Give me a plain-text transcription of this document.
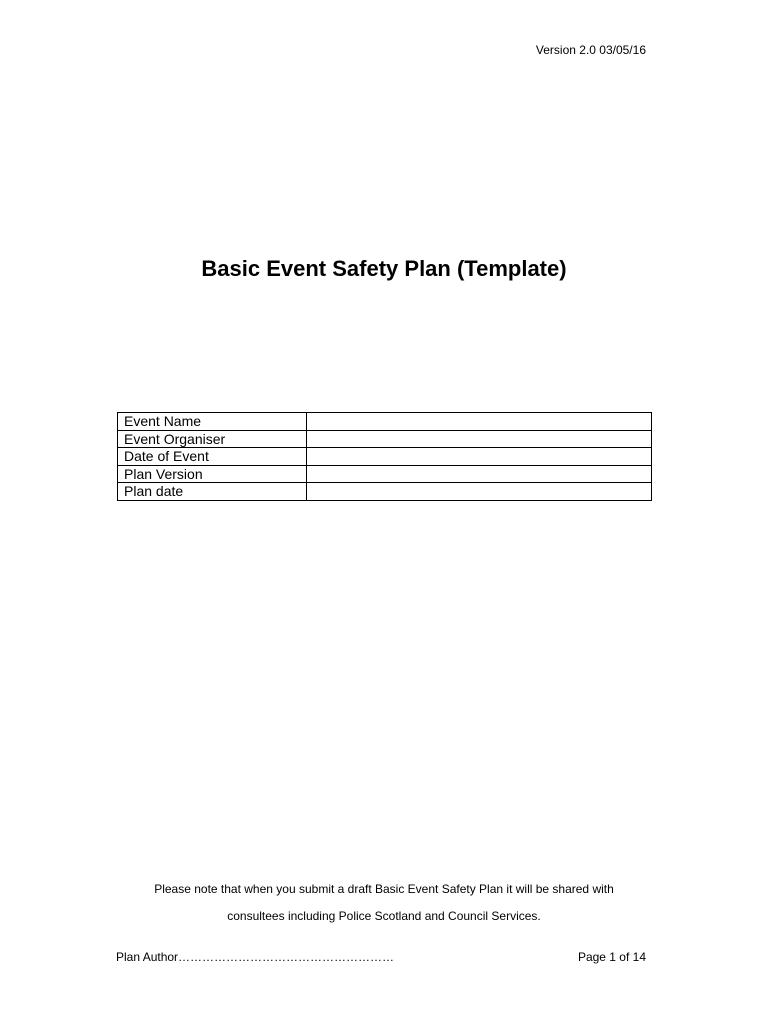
Version 2.0 03/05/16
Basic Event Safety Plan (Template)
Event Name	
Event Organiser	
Date of Event	
Plan Version	
Plan date	
Please note that when you submit a draft Basic Event Safety Plan it will be shared with
consultees including Police Scotland and Council Services.
Plan Author………………………………………………	Page 1 of 14
